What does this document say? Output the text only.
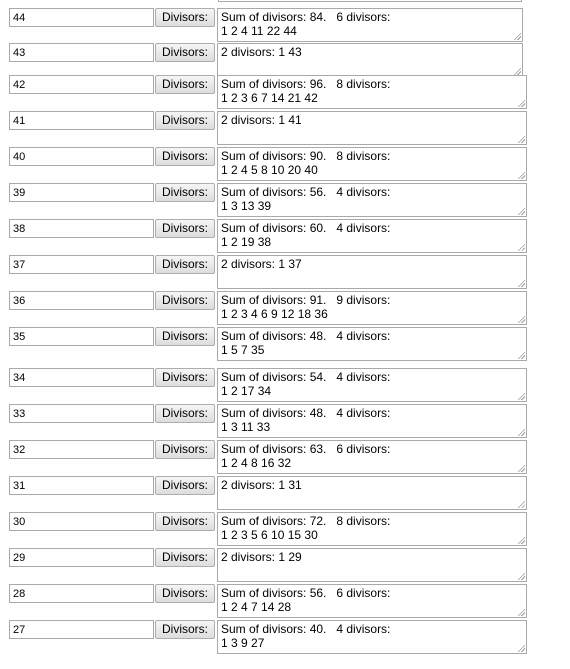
44
Divisors:	Sum of divisors: 84.   6 divisors:
1 2 4 11 22 44
43
Divisors:	2 divisors: 1 43
42
Divisors:	Sum of divisors: 96.   8 divisors:
1 2 3 6 7 14 21 42
41
Divisors:	2 divisors: 1 41
40
Divisors:	Sum of divisors: 90.   8 divisors:
1 2 4 5 8 10 20 40
39
Divisors:	Sum of divisors: 56.   4 divisors:
1 3 13 39
38
Divisors:	Sum of divisors: 60.   4 divisors:
1 2 19 38
37
Divisors:	2 divisors: 1 37
36
Divisors:	Sum of divisors: 91.   9 divisors:
1 2 3 4 6 9 12 18 36
35
Divisors:	Sum of divisors: 48.   4 divisors:
1 5 7 35
34
Divisors:	Sum of divisors: 54.   4 divisors:
1 2 17 34
33
Divisors:	Sum of divisors: 48.   4 divisors:
1 3 11 33
32
Divisors:	Sum of divisors: 63.   6 divisors:
1 2 4 8 16 32
31
Divisors:	2 divisors: 1 31
30
Divisors:	Sum of divisors: 72.   8 divisors:
1 2 3 5 6 10 15 30
29
Divisors:	2 divisors: 1 29
28
Divisors:	Sum of divisors: 56.   6 divisors:
1 2 4 7 14 28
27
Divisors:	Sum of divisors: 40.   4 divisors:
1 3 9 27
